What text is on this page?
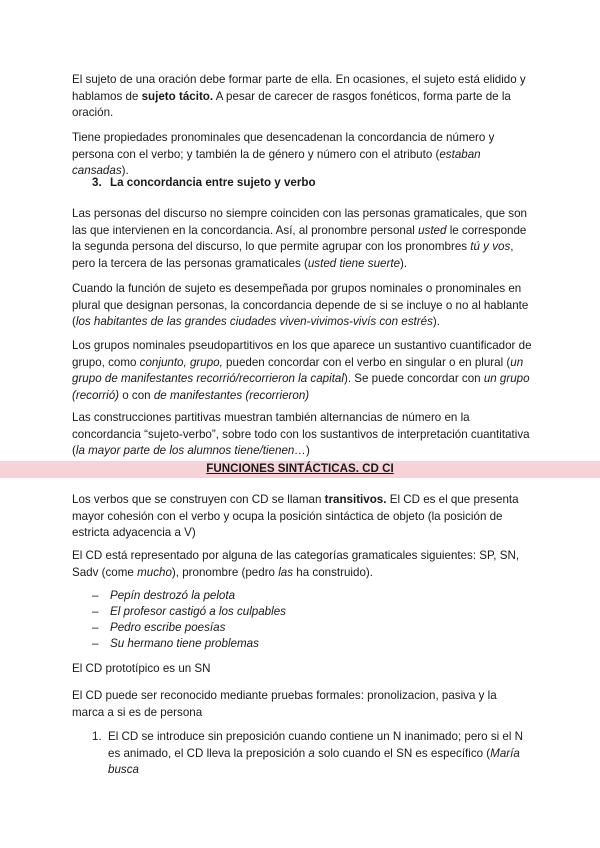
El sujeto de una oración debe formar parte de ella. En ocasiones, el sujeto está elidido y hablamos de sujeto tácito. A pesar de carecer de rasgos fonéticos, forma parte de la oración.

Tiene propiedades pronominales que desencadenan la concordancia de número y persona con el verbo; y también la de género y número con el atributo (estaban cansadas).

3. La concordancia entre sujeto y verbo

Las personas del discurso no siempre coinciden con las personas gramaticales, que son las que intervienen en la concordancia. Así, al pronombre personal usted le corresponde la segunda persona del discurso, lo que permite agrupar con los pronombres tú y vos, pero la tercera de las personas gramaticales (usted tiene suerte).

Cuando la función de sujeto es desempeñada por grupos nominales o pronominales en plural que designan personas, la concordancia depende de si se incluye o no al hablante (los habitantes de las grandes ciudades viven-vivimos-vivís con estrés).

Los grupos nominales pseudopartitivos en los que aparece un sustantivo cuantificador de grupo, como conjunto, grupo, pueden concordar con el verbo en singular o en plural (un grupo de manifestantes recorrió/recorrieron la capital). Se puede concordar con un grupo (recorrió) o con de manifestantes (recorrieron)

Las construcciones partitivas muestran también alternancias de número en la concordancia “sujeto-verbo”, sobre todo con los sustantivos de interpretación cuantitativa (la mayor parte de los alumnos tiene/tienen…)

FUNCIONES SINTÁCTICAS. CD CI

Los verbos que se construyen con CD se llaman transitivos. El CD es el que presenta mayor cohesión con el verbo y ocupa la posición sintáctica de objeto (la posición de estricta adyacencia a V)

El CD está representado por alguna de las categorías gramaticales siguientes: SP, SN, Sadv (come mucho), pronombre (pedro las ha construido).

– Pepín destrozó la pelota
– El profesor castigó a los culpables
– Pedro escribe poesías
– Su hermano tiene problemas

El CD prototípico es un SN

El CD puede ser reconocido mediante pruebas formales: pronolizacion, pasiva y la marca a si es de persona

1. El CD se introduce sin preposición cuando contiene un N inanimado; pero si el N es animado, el CD lleva la preposición a solo cuando el SN es específico (María busca
